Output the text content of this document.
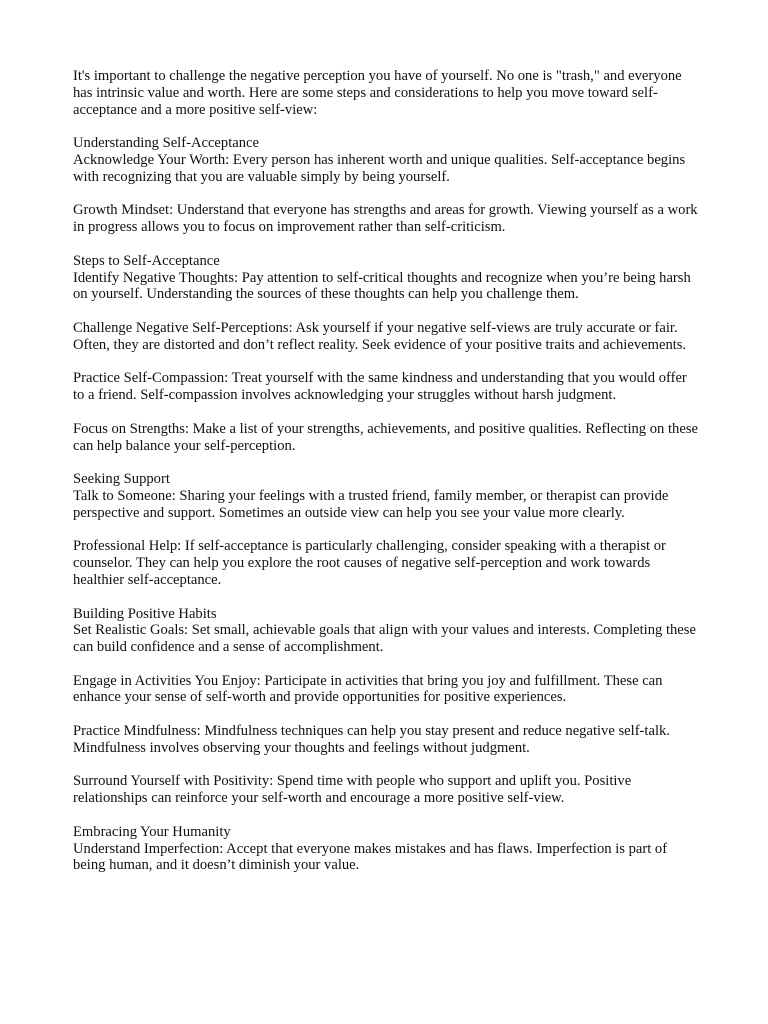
It's important to challenge the negative perception you have of yourself. No one is "trash," and everyone has intrinsic value and worth. Here are some steps and considerations to help you move toward self-acceptance and a more positive self-view:

Understanding Self-Acceptance
Acknowledge Your Worth: Every person has inherent worth and unique qualities. Self-acceptance begins with recognizing that you are valuable simply by being yourself.

Growth Mindset: Understand that everyone has strengths and areas for growth. Viewing yourself as a work in progress allows you to focus on improvement rather than self-criticism.

Steps to Self-Acceptance
Identify Negative Thoughts: Pay attention to self-critical thoughts and recognize when you’re being harsh on yourself. Understanding the sources of these thoughts can help you challenge them.

Challenge Negative Self-Perceptions: Ask yourself if your negative self-views are truly accurate or fair. Often, they are distorted and don’t reflect reality. Seek evidence of your positive traits and achievements.

Practice Self-Compassion: Treat yourself with the same kindness and understanding that you would offer to a friend. Self-compassion involves acknowledging your struggles without harsh judgment.

Focus on Strengths: Make a list of your strengths, achievements, and positive qualities. Reflecting on these can help balance your self-perception.

Seeking Support
Talk to Someone: Sharing your feelings with a trusted friend, family member, or therapist can provide perspective and support. Sometimes an outside view can help you see your value more clearly.

Professional Help: If self-acceptance is particularly challenging, consider speaking with a therapist or counselor. They can help you explore the root causes of negative self-perception and work towards healthier self-acceptance.

Building Positive Habits
Set Realistic Goals: Set small, achievable goals that align with your values and interests. Completing these can build confidence and a sense of accomplishment.

Engage in Activities You Enjoy: Participate in activities that bring you joy and fulfillment. These can enhance your sense of self-worth and provide opportunities for positive experiences.

Practice Mindfulness: Mindfulness techniques can help you stay present and reduce negative self-talk. Mindfulness involves observing your thoughts and feelings without judgment.

Surround Yourself with Positivity: Spend time with people who support and uplift you. Positive relationships can reinforce your self-worth and encourage a more positive self-view.

Embracing Your Humanity
Understand Imperfection: Accept that everyone makes mistakes and has flaws. Imperfection is part of being human, and it doesn’t diminish your value.
